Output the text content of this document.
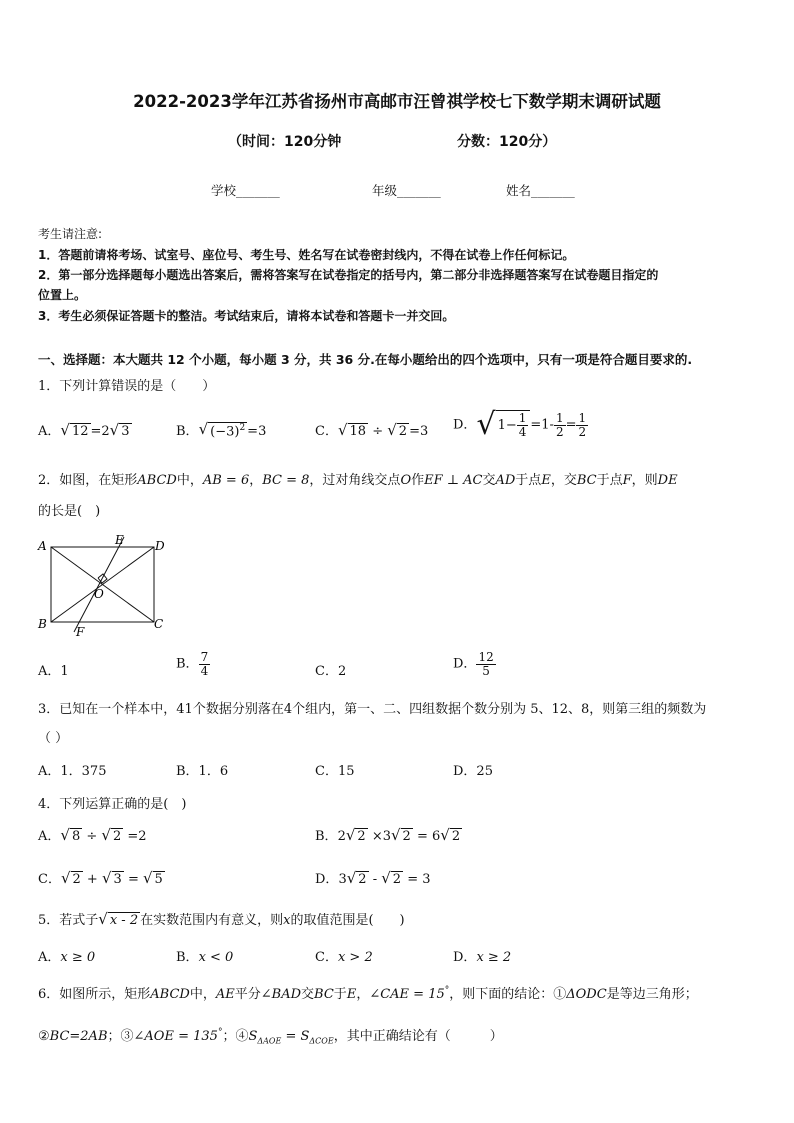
2022-2023学年江苏省扬州市高邮市汪曾祺学校七下数学期末调研试题
（时间：120分钟	分数：120分）
学校_______	年级_______	姓名_______
考生请注意:
1．答题前请将考场、试室号、座位号、考生号、姓名写在试卷密封线内，不得在试卷上作任何标记。
2．第一部分选择题每小题选出答案后，需将答案写在试卷指定的括号内，第二部分非选择题答案写在试卷题目指定的
位置上。
3．考生必须保证答题卡的整洁。考试结束后，请将本试卷和答题卡一并交回。
一、选择题：本大题共 12 个小题，每小题 3 分，共 36 分.在每小题给出的四个选项中，只有一项是符合题目要求的.
1．下列计算错误的是（　　）
A． √ 12 =2 √ 3	B． √ $(-3)^2 =3$	C． √ 18 ÷ √ 2 =3 D． √ $1- \frac{1}{4} =1- \frac{1}{2} = \frac{1}{2}$
2．如图，在矩形ABCD中，AB = 6，BC = 8，过对角线交点O作EF ⊥ AC交AD于点E，交BC于点F，则DE
的长是(　)
A
B	C
D
E
F
O
A．1	B． $\frac{7}{4}$	C．2	D． $\frac{12}{5}$
3．已知在一个样本中，41个数据分别落在4个组内，第一、二、四组数据个数分别为 5、12、8，则第三组的频数为
（ ）
A．1．375	B．1．6	C．15	D．25
4．下列运算正确的是(　)
A． √ 8 ÷ √ 2 =2	B．2 √ 2 ×3 √ 2 = 6 √ 2
C． √ 2 + √ 3 = √ 5	D．3 √ 2 - √ 2 = 3
5．若式子 √ x - 2 在实数范围内有意义，则x的取值范围是(　　)
A．x ≥ 0	B．x < 0	C．x > 2	D．x ≥ 2
6．如图所示，矩形ABCD中，AE平分∠BAD交BC于E，∠CAE = 15°，则下面的结论：①ΔODC是等边三角形；
②BC=2AB；③∠AOE = 135°；$④S_{\Delta AOE} = S_{\Delta COE}$，其中正确结论有（　　　）
